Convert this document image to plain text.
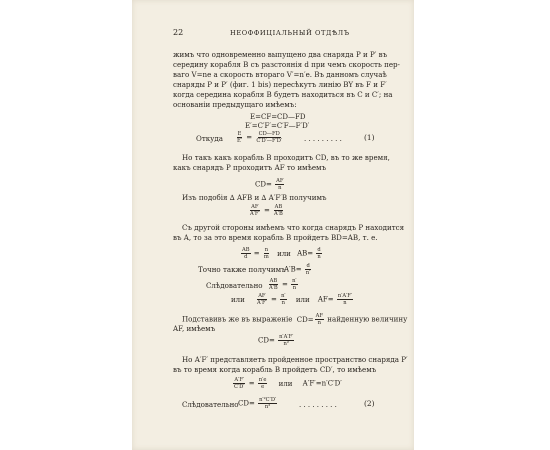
22	НЕОФФИЦІАЛЬНЫЙ ОТДѢЛЪ
жимъ что одновременно выпущено два снаряда P и P′ въ
середину корабля B съ разстоянія d при чемъ скорость пер-
ваго V=ne а скорость втораго V′=n′e. Въ данномъ случаѣ
снаряды P и P′ (фиг. 1 bis) пересѣкутъ линію BY въ F и F′
когда середина корабля B будетъ находиться въ C и C′; на
основаніи предыдущаго имѣемъ:
E=CF=CD—FD
E′=C′F′=C′F—F′D′
Откуда	$\frac{E}{E'} = \frac{CD—FD}{C'D'—F'D'}$	. . . . . . . . .	(1)
Но такъ какъ корабль B проходитъ CD, въ то же время,
какъ снарядъ P проходитъ AF то имѣемъ
$CD= \frac{AF}{n}$
Изъ подобія ∆ AFB и ∆ A′F′B получимъ
$\frac{AF}{A'F'} = \frac{AB}{A'B}$
Съ другой стороны имѣемъ что когда снарядъ P находится
въ A, то за это время корабль B пройдетъ BD=AB, т. е.
$\frac{AB}{d} = \frac{n}{m}$ или $AB= \frac{d}{n}$
Точно также получимъ
$A'B= \frac{d}{n'}$
Слѣдовательно $\frac{AB}{A'B} = \frac{n'}{n}$
или $\frac{AF}{A'F'} = \frac{n'}{n}$ или $AF= \frac{n'A'F'}{n}$
Подставивъ же въ выраженіе $CD= \frac{AF}{n}$ найденную величину
AF, имѣемъ
$CD= \frac{n'A'F'}{\text{n²}}$
Но A′F′ представляетъ пройденное пространство снаряда P′
въ то время когда корабль B пройдетъ CD′, то имѣемъ
$\frac{A'F'}{C'D'} = \frac{n'e}{e}$ или A′F′=n′C′D′
Слѣдовательно $CD= \frac{\text{n′²C′D′}}{\text{n²}}$	. . . . . . . . .	(2)
